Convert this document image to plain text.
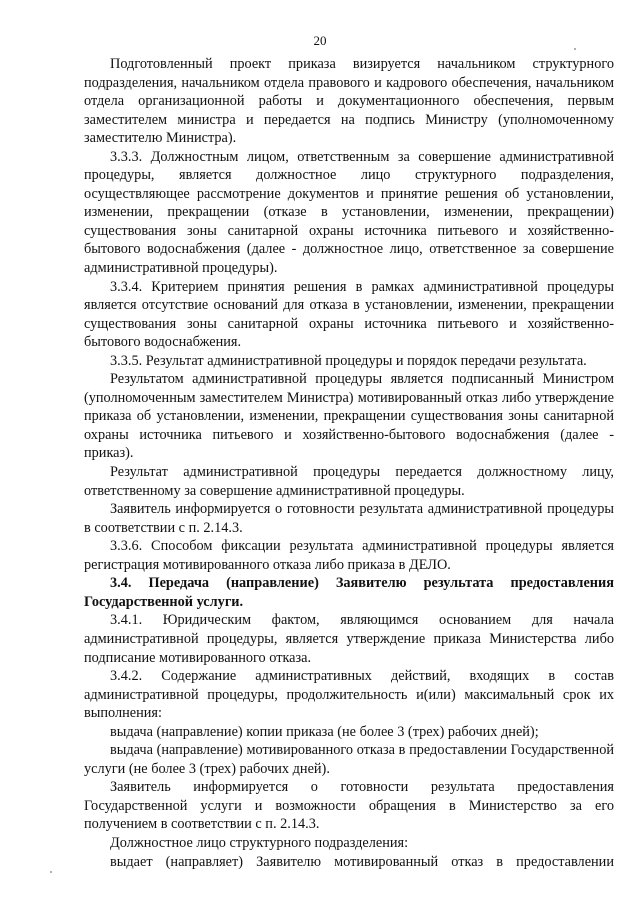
20

Подготовленный проект приказа визируется начальником структурного подразделения, начальником отдела правового и кадрового обеспечения, начальником отдела организационной работы и документационного обеспечения, первым заместителем министра и передается на подпись Министру (уполномоченному заместителю Министра).

3.3.3. Должностным лицом, ответственным за совершение административной процедуры, является должностное лицо структурного подразделения, осуществляющее рассмотрение документов и принятие решения об установлении, изменении, прекращении (отказе в установлении, изменении, прекращении) существования зоны санитарной охраны источника питьевого и хозяйственно-бытового водоснабжения (далее - должностное лицо, ответственное за совершение административной процедуры).

3.3.4. Критерием принятия решения в рамках административной процедуры является отсутствие оснований для отказа в установлении, изменении, прекращении существования зоны санитарной охраны источника питьевого и хозяйственно-бытового водоснабжения.

3.3.5. Результат административной процедуры и порядок передачи результата.

Результатом административной процедуры является подписанный Министром (уполномоченным заместителем Министра) мотивированный отказ либо утверждение приказа об установлении, изменении, прекращении существования зоны санитарной охраны источника питьевого и хозяйственно-бытового водоснабжения (далее - приказ).

Результат административной процедуры передается должностному лицу, ответственному за совершение административной процедуры.

Заявитель информируется о готовности результата административной процедуры в соответствии с п. 2.14.3.

3.3.6. Способом фиксации результата административной процедуры является регистрация мотивированного отказа либо приказа в ДЕЛО.

3.4. Передача (направление) Заявителю результата предоставления Государственной услуги.

3.4.1. Юридическим фактом, являющимся основанием для начала административной процедуры, является утверждение приказа Министерства либо подписание мотивированного отказа.

3.4.2. Содержание административных действий, входящих в состав административной процедуры, продолжительность и(или) максимальный срок их выполнения:

выдача (направление) копии приказа (не более 3 (трех) рабочих дней);

выдача (направление) мотивированного отказа в предоставлении Государственной услуги (не более 3 (трех) рабочих дней).

Заявитель информируется о готовности результата предоставления Государственной услуги и возможности обращения в Министерство за его получением в соответствии с п. 2.14.3.

Должностное лицо структурного подразделения:

выдает (направляет) Заявителю мотивированный отказ в предоставлении
